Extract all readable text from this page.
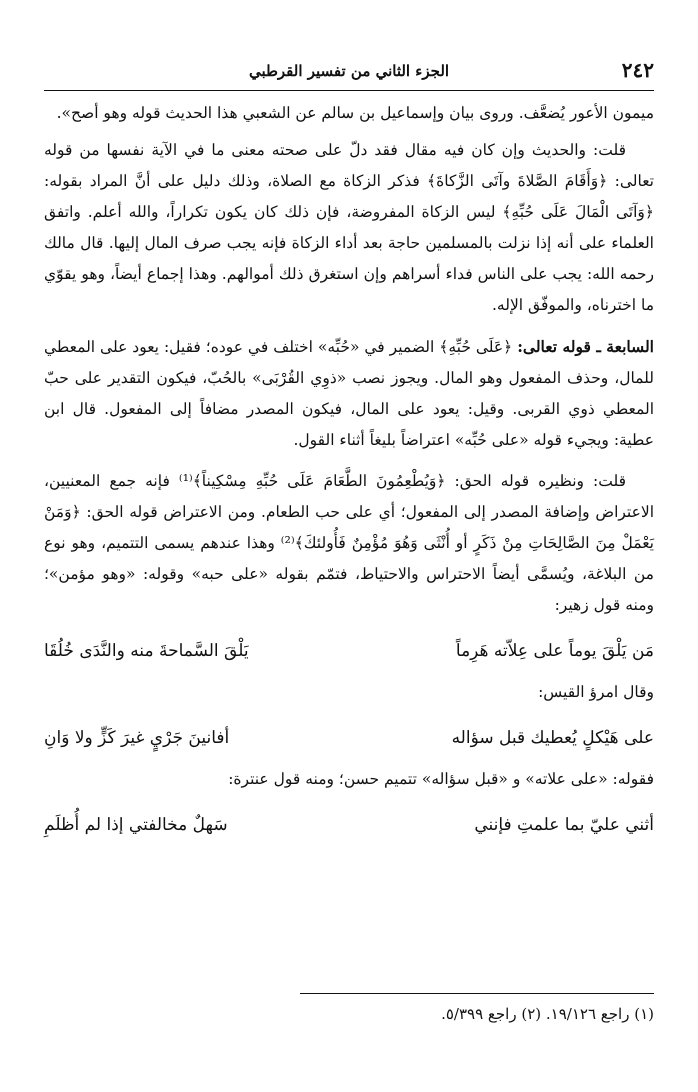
٢٤٢
الجزء الثاني من تفسير القرطبي

ميمون الأعور يُضعَّف. وروى بيان وإسماعيل بن سالم عن الشعبي هذا الحديث قوله وهو أصح».

قلت: والحديث وإن كان فيه مقال فقد دلّ على صحته معنى ما في الآية نفسها من قوله تعالى: ﴿وَأَقَامَ الصَّلاةَ وآتَى الزَّكاةَ﴾ فذكر الزكاة مع الصلاة، وذلك دليل على أنَّ المراد بقوله: ﴿وَآتَى الْمَالَ عَلَى حُبِّهِ﴾ ليس الزكاة المفروضة، فإن ذلك كان يكون تكراراً، والله أعلم. واتفق العلماء على أنه إذا نزلت بالمسلمين حاجة بعد أداء الزكاة فإنه يجب صرف المال إليها. قال مالك رحمه الله: يجب على الناس فداء أسراهم وإن استغرق ذلك أموالهم. وهذا إجماع أيضاً، وهو يقوّي ما اخترناه، والموفّق الإله.

السابعة ـ قوله تعالى: ﴿عَلَى حُبِّهِ﴾ الضمير في «حُبِّه» اختلف في عوده؛ فقيل: يعود على المعطي للمال، وحذف المفعول وهو المال. ويجوز نصب «ذوِي القُرْبَى» بالحُبّ، فيكون التقدير على حبّ المعطي ذوي القربى. وقيل: يعود على المال، فيكون المصدر مضافاً إلى المفعول. قال ابن عطية: ويجيء قوله «على حُبِّه» اعتراضاً بليغاً أثناء القول.

قلت: ونظيره قوله الحق: ﴿وَيُطْعِمُونَ الطَّعَامَ عَلَى حُبِّهِ مِسْكِيناً﴾⁽¹⁾ فإنه جمع المعنيين، الاعتراض وإضافة المصدر إلى المفعول؛ أي على حب الطعام. ومن الاعتراض قوله الحق: ﴿وَمَنْ يَعْمَلْ مِنَ الصَّالِحَاتِ مِنْ ذَكَرٍ أو أُنْثَى وَهُوَ مُؤْمِنٌ فَأُولئكَ﴾⁽²⁾ وهذا عندهم يسمى التتميم، وهو نوع من البلاغة، ويُسمَّى أيضاً الاحتراس والاحتياط، فتمّم بقوله «على حبه» وقوله: «وهو مؤمن»؛ ومنه قول زهير:

مَن يَلْقَ يوماً على عِلاّته هَرِماً
يَلْقَ السَّماحةَ منه والنَّدَى خُلُقَا

وقال امرؤ القيس:

على هَيْكلٍ يُعطيك قبل سؤاله
أفانينَ جَرْيٍ غيرَ كَزٍّ ولا وَانِ

فقوله: «على علاته» و «قبل سؤاله» تتميم حسن؛ ومنه قول عنترة:

أثني عليّ بما علمتِ فإنني
سَهلٌ مخالفتي إذا لم أُظلَمِ
(١) راجع ١٩/١٢٦. (٢) راجع ٥/٣٩٩.
